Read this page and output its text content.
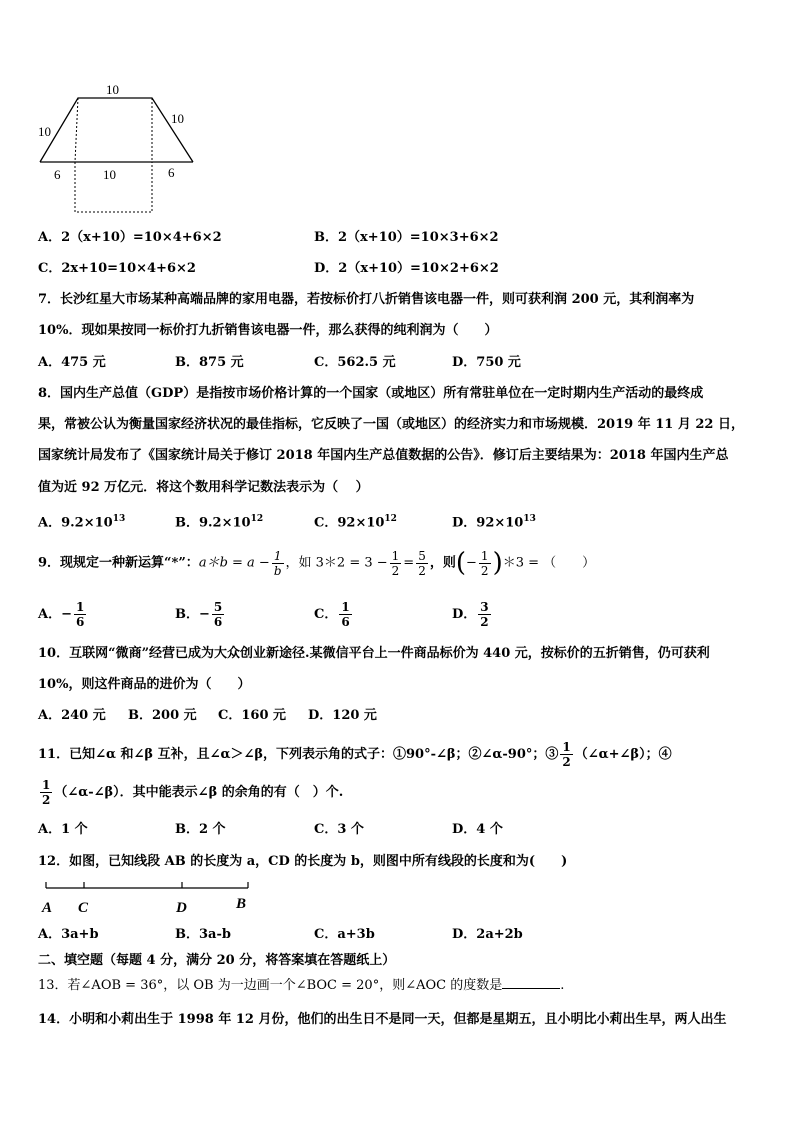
10
10
10
6	10	6
A．2（x+10）=10×4+6×2	B．2（x+10）=10×3+6×2
C．2x+10=10×4+6×2	D．2（x+10）=10×2+6×2
7．长沙红星大市场某种高端品牌的家用电器，若按标价打八折销售该电器一件，则可获利润 200 元，其利润率为
10%．现如果按同一标价打九折销售该电器一件，那么获得的纯利润为（　　）
A．475 元	B．875 元	C．562.5 元	D．750 元
8．国内生产总值（GDP）是指按市场价格计算的一个国家（或地区）所有常驻单位在一定时期内生产活动的最终成
果，常被公认为衡量国家经济状况的最佳指标，它反映了一国（或地区）的经济实力和市场规模．2019 年 11 月 22 日，
国家统计局发布了《国家统计局关于修订 2018 年国内生产总值数据的公告》．修订后主要结果为：2018 年国内生产总
值为近 92 万亿元．将这个数用科学记数法表示为（　 ）
A．$9.2\times 10^{13}$	B．$9.2\times 10^{12}$	C．$92\times 10^{12}$	D．$92\times 10^{13}$
9．现规定一种新运算“*”：a＊b = $a - \frac{1}{b}$ ，如 3＊2 = $3 - \frac{1}{2} = \frac{5}{2}$ ，则(− $\frac{1}{2}$ )＊3 = （　　）
A．− $\frac{1}{6}$	B．− $\frac{5}{6}$	C． $\frac{1}{6}$	D． $\frac{3}{2}$
10．互联网“微商”经营已成为大众创业新途径.某微信平台上一件商品标价为 440 元，按标价的五折销售，仍可获利
10%，则这件商品的进价为（　　）
A．240 元 B．200 元 C．160 元 D．120 元
11．已知∠α 和∠β 互补，且∠α＞∠β，下列表示角的式子：①90°-∠β；②∠α-90°；③ $\frac{1}{2}$ （∠α+∠β）；④
$\frac{1}{2}$ （∠α-∠β）．其中能表示∠β 的余角的有（　）个.
A．1 个	B．2 个	C．3 个	D．4 个
12．如图，已知线段 AB 的长度为 a，CD 的长度为 b，则图中所有线段的长度和为(　　)
A C	D	B
A．3a+b	B．3a-b	C．a+3b	D．2a+2b
二、填空题（每题 4 分，满分 20 分，将答案填在答题纸上）
13．若∠AOB = 36°，以 OB 为一边画一个∠BOC = 20°，则∠AOC 的度数是	.
14．小明和小莉出生于 1998 年 12 月份，他们的出生日不是同一天，但都是星期五，且小明比小莉出生早，两人出生
